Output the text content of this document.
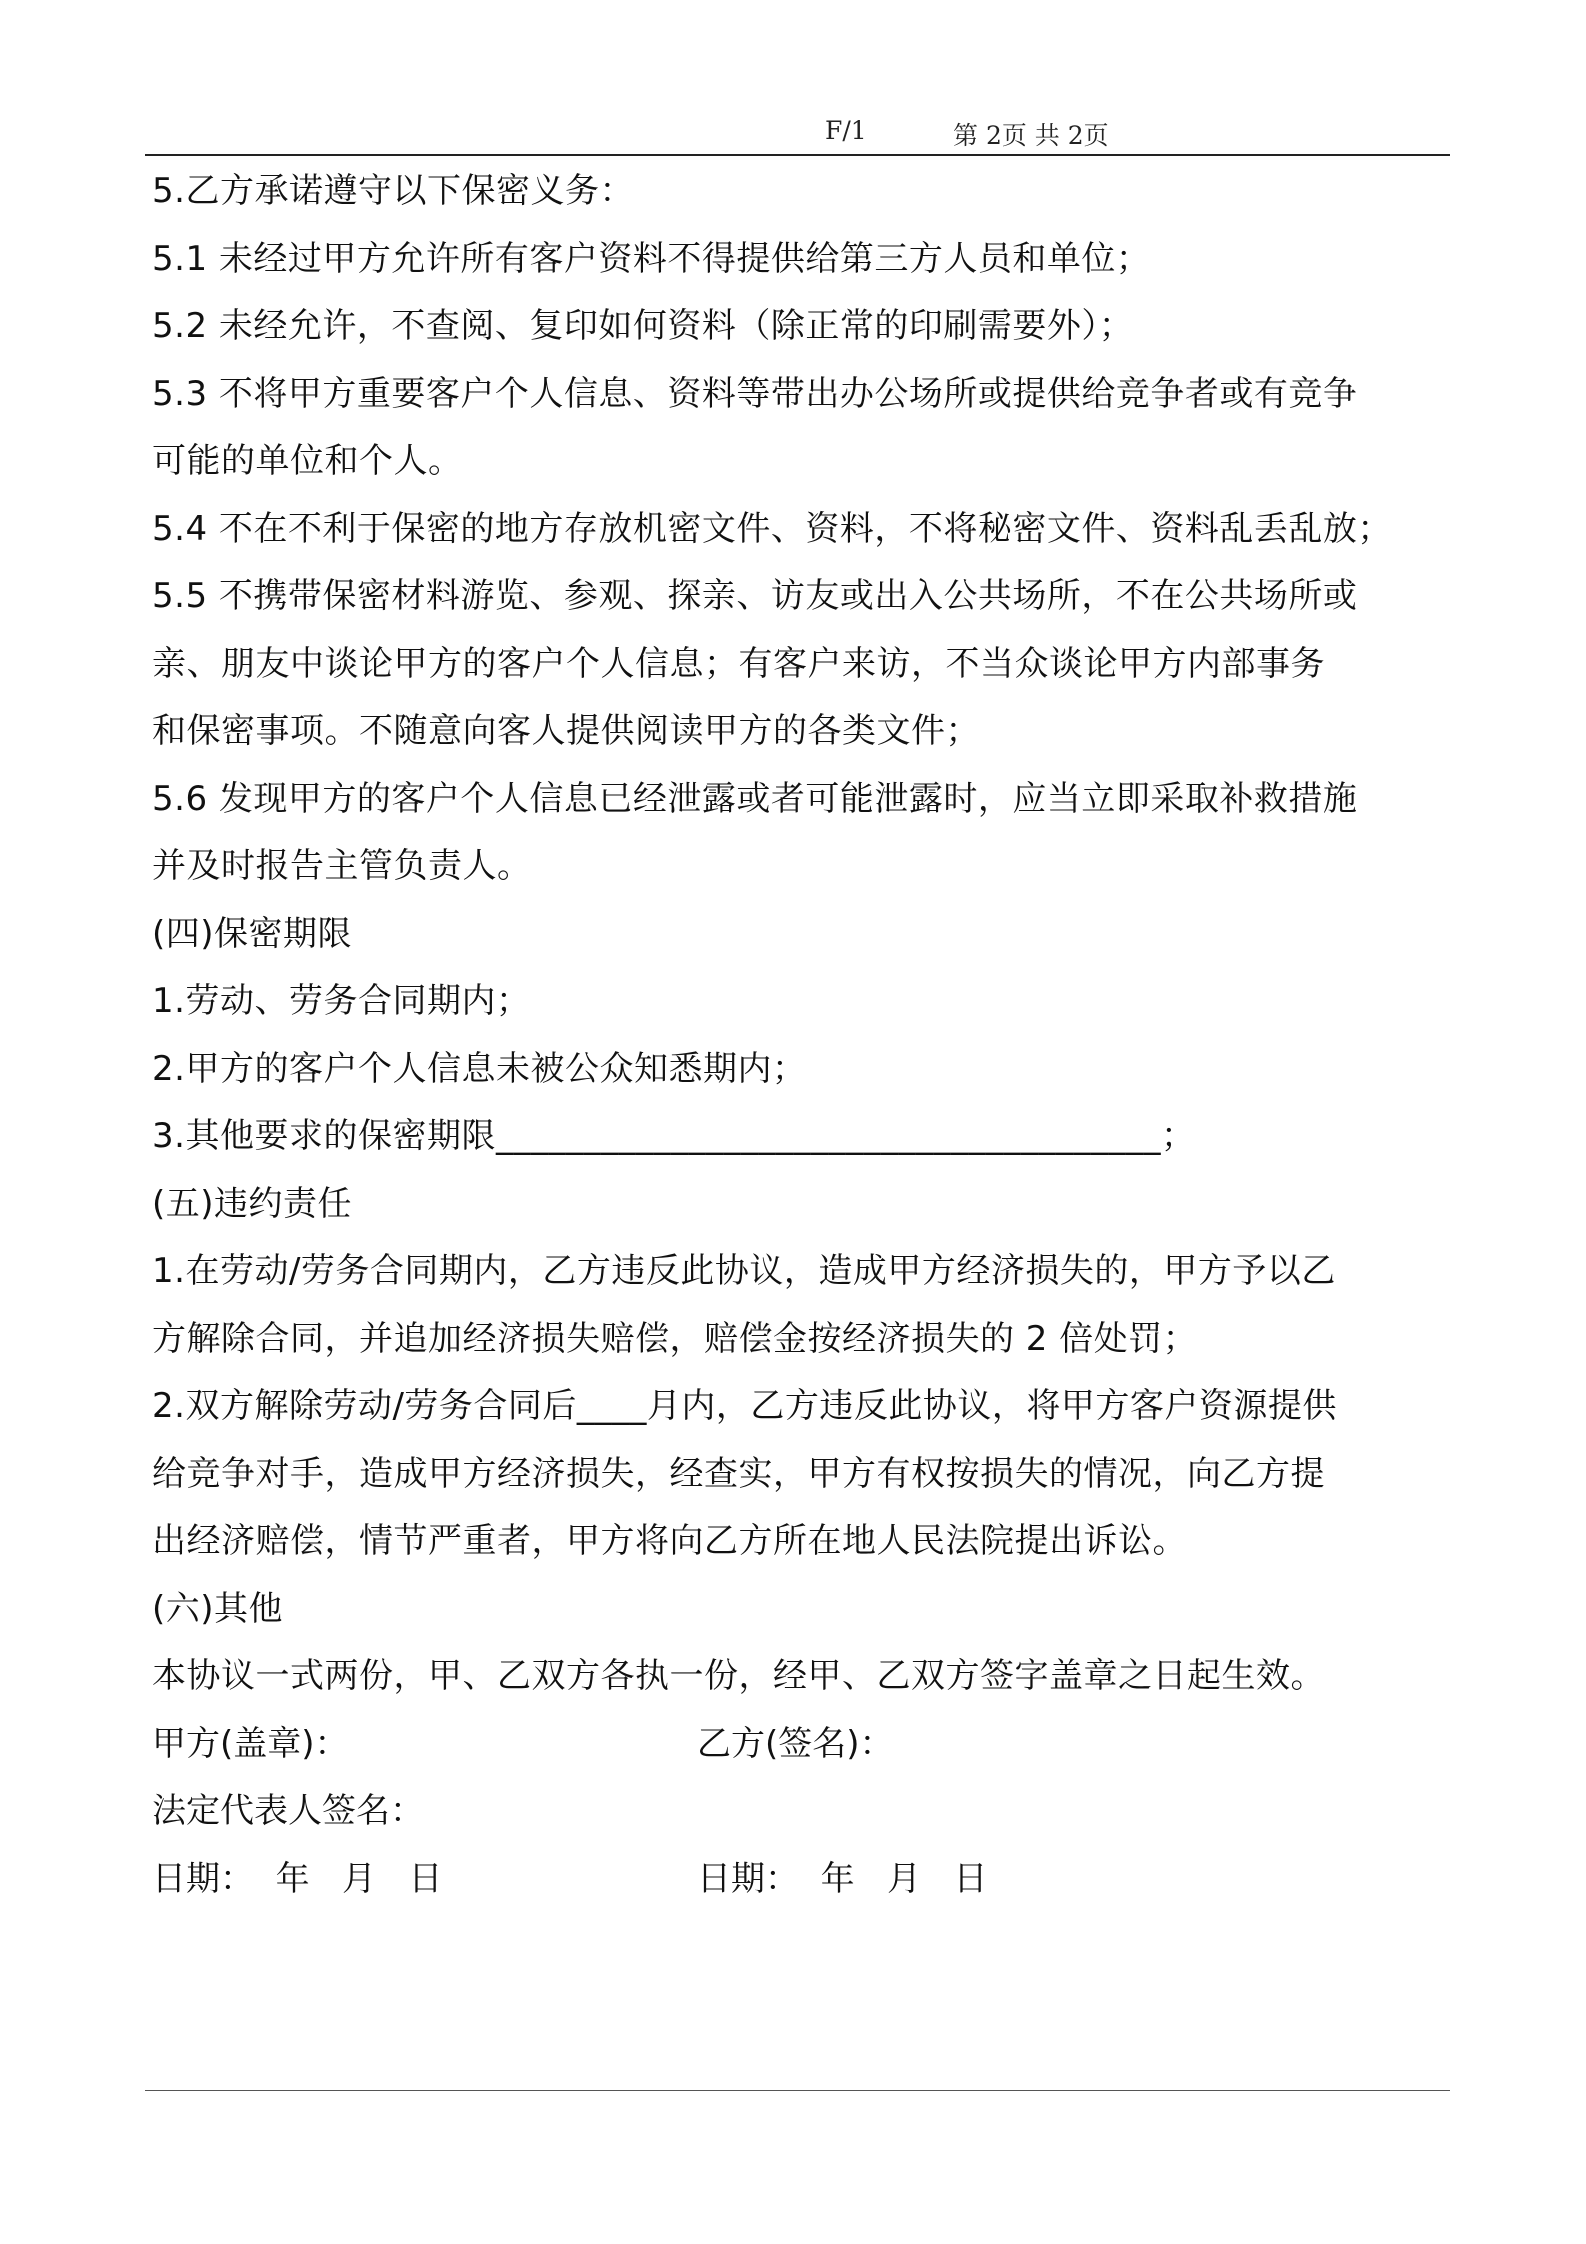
F/1	第 2页 共 2页
5.乙方承诺遵守以下保密义务：
5.1 未经过甲方允许所有客户资料不得提供给第三方人员和单位；
5.2 未经允许，不查阅、复印如何资料（除正常的印刷需要外）；
5.3 不将甲方重要客户个人信息、资料等带出办公场所或提供给竞争者或有竞争
可能的单位和个人。
5.4 不在不利于保密的地方存放机密文件、资料，不将秘密文件、资料乱丢乱放；
5.5 不携带保密材料游览、参观、探亲、访友或出入公共场所，不在公共场所或
亲、朋友中谈论甲方的客户个人信息；有客户来访，不当众谈论甲方内部事务
和保密事项。不随意向客人提供阅读甲方的各类文件；
5.6 发现甲方的客户个人信息已经泄露或者可能泄露时，应当立即采取补救措施
并及时报告主管负责人。
(四)保密期限
1.劳动、劳务合同期内；
2.甲方的客户个人信息未被公众知悉期内；
3.其他要求的保密期限______________________________________；
(五)违约责任
1.在劳动/劳务合同期内，乙方违反此协议，造成甲方经济损失的，甲方予以乙
方解除合同，并追加经济损失赔偿，赔偿金按经济损失的 2 倍处罚；
2.双方解除劳动/劳务合同后____月内，乙方违反此协议，将甲方客户资源提供
给竞争对手，造成甲方经济损失，经查实，甲方有权按损失的情况，向乙方提
出经济赔偿，情节严重者，甲方将向乙方所在地人民法院提出诉讼。
(六)其他
本协议一式两份，甲、乙双方各执一份，经甲、乙双方签字盖章之日起生效。
甲方(盖章)：	乙方(签名)：
法定代表人签名：
日期：  年   月   日	日期：  年   月   日
